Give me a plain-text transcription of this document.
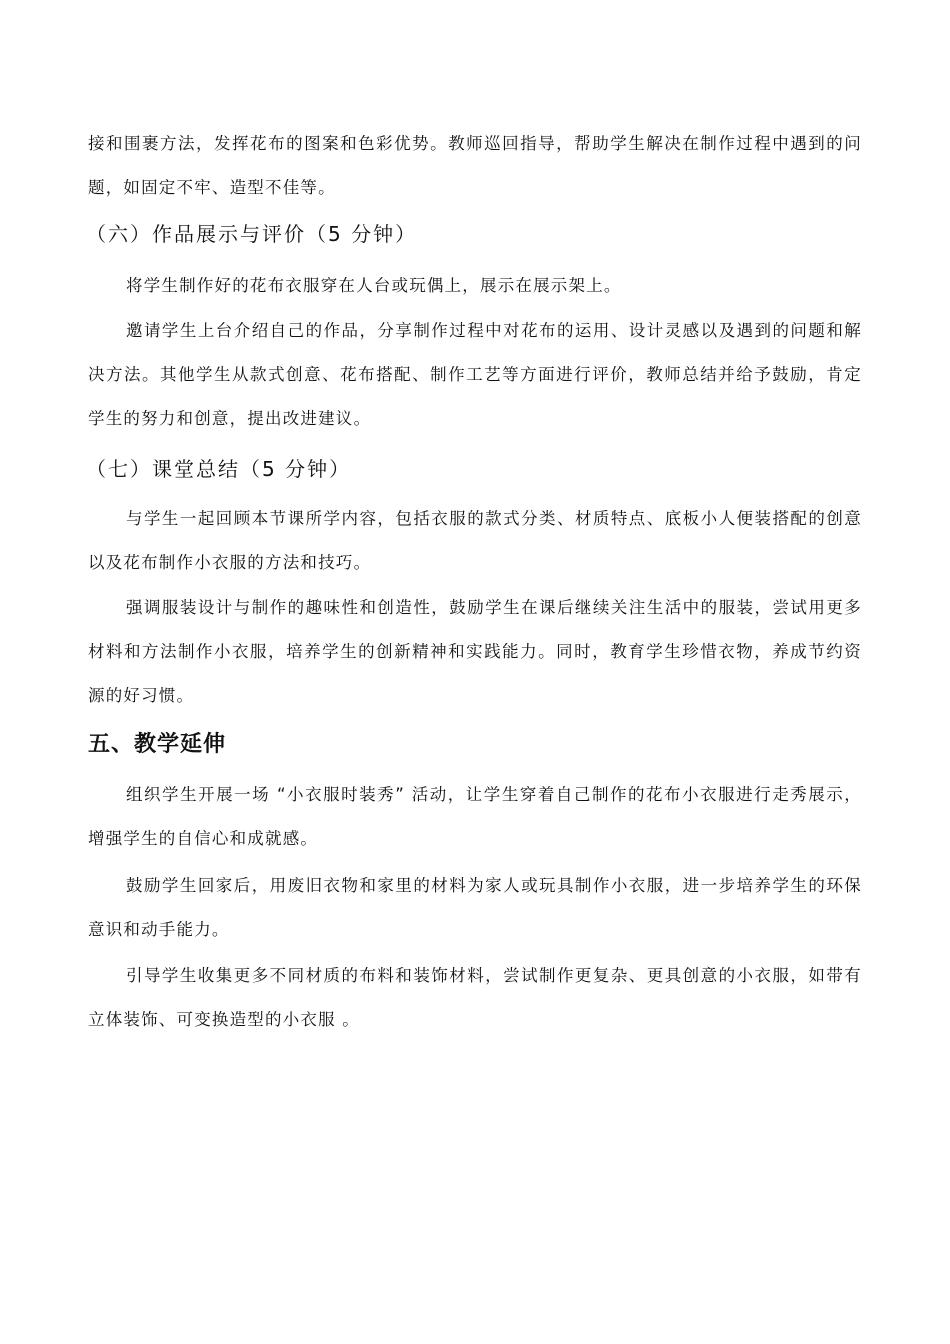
接和围裹方法，发挥花布的图案和色彩优势。教师巡回指导，帮助学生解决在制作过程中遇到的问题，如固定不牢、造型不佳等。

（六）作品展示与评价（5 分钟）

将学生制作好的花布衣服穿在人台或玩偶上，展示在展示架上。

邀请学生上台介绍自己的作品，分享制作过程中对花布的运用、设计灵感以及遇到的问题和解决方法。其他学生从款式创意、花布搭配、制作工艺等方面进行评价，教师总结并给予鼓励，肯定学生的努力和创意，提出改进建议。

（七）课堂总结（5 分钟）

与学生一起回顾本节课所学内容，包括衣服的款式分类、材质特点、底板小人便装搭配的创意以及花布制作小衣服的方法和技巧。

强调服装设计与制作的趣味性和创造性，鼓励学生在课后继续关注生活中的服装，尝试用更多材料和方法制作小衣服，培养学生的创新精神和实践能力。同时，教育学生珍惜衣物，养成节约资源的好习惯。

五、教学延伸

组织学生开展一场 “小衣服时装秀” 活动，让学生穿着自己制作的花布小衣服进行走秀展示，增强学生的自信心和成就感。

鼓励学生回家后，用废旧衣物和家里的材料为家人或玩具制作小衣服，进一步培养学生的环保意识和动手能力。

引导学生收集更多不同材质的布料和装饰材料，尝试制作更复杂、更具创意的小衣服，如带有立体装饰、可变换造型的小衣服 。
